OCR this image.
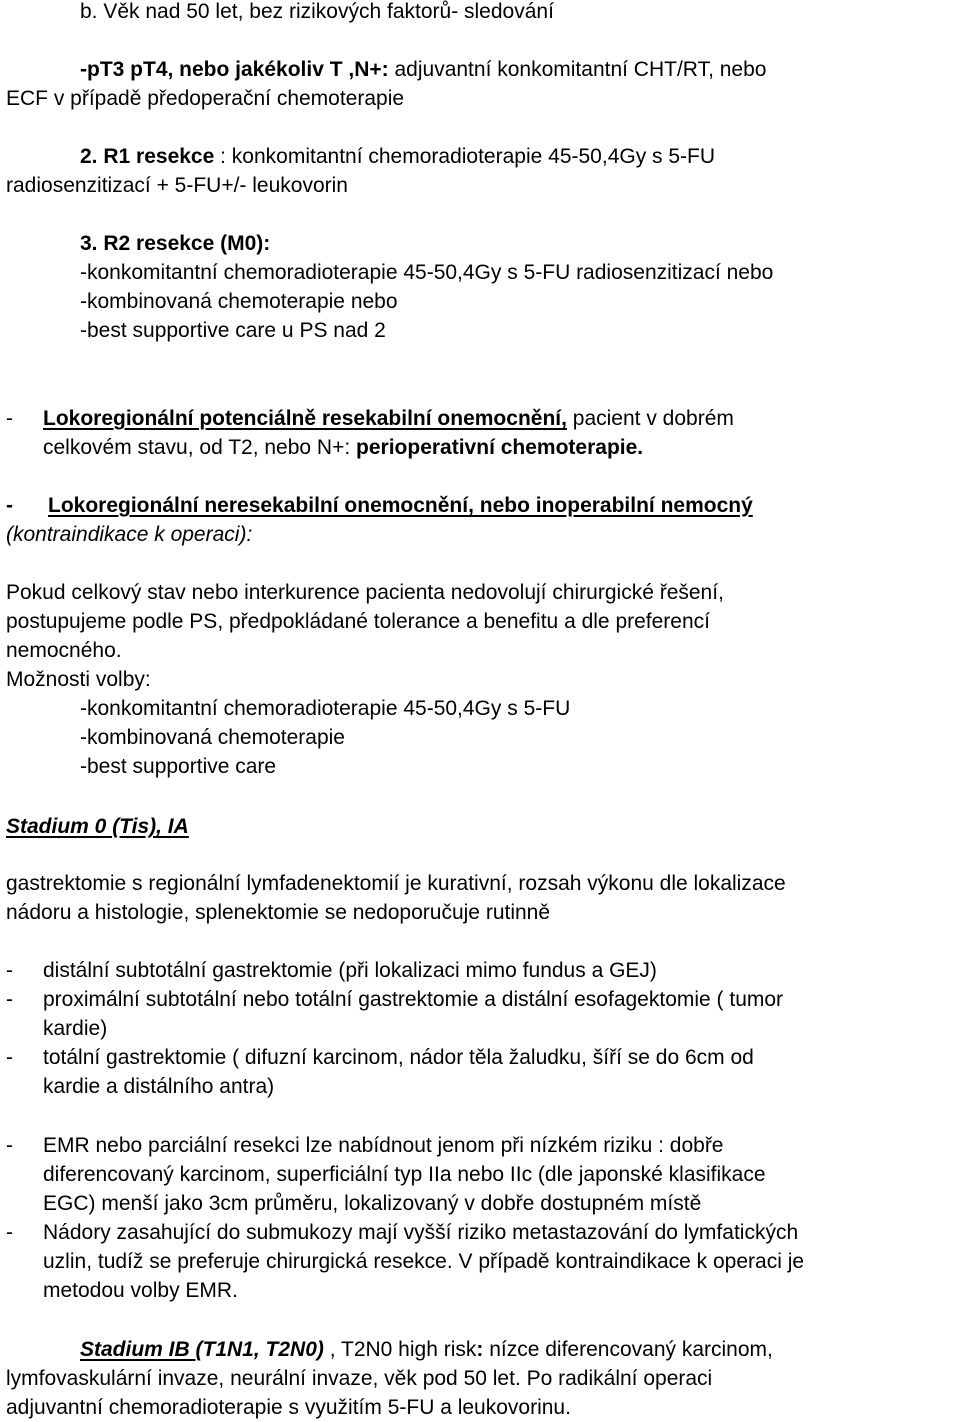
b. Věk nad 50 let, bez rizikových faktorů- sledování
-pT3 pT4, nebo jakékoliv T ,N+: adjuvantní konkomitantní CHT/RT, nebo
ECF v případě předoperační chemoterapie
2. R1 resekce : konkomitantní chemoradioterapie 45-50,4Gy s 5-FU
radiosenzitizací + 5-FU+/- leukovorin
3. R2 resekce (M0):
-konkomitantní chemoradioterapie 45-50,4Gy s 5-FU radiosenzitizací nebo
-kombinovaná chemoterapie nebo
-best supportive care u PS nad 2
- Lokoregionální potenciálně resekabilní onemocnění, pacient v dobrém
celkovém stavu, od T2, nebo N+: perioperativní chemoterapie.
- Lokoregionální neresekabilní onemocnění, nebo inoperabilní nemocný
(kontraindikace k operaci):
Pokud celkový stav nebo interkurence pacienta nedovolují chirurgické řešení,
postupujeme podle PS, předpokládané tolerance a benefitu a dle preferencí
nemocného.
Možnosti volby:
-konkomitantní chemoradioterapie 45-50,4Gy s 5-FU
-kombinovaná chemoterapie
-best supportive care
Stadium 0 (Tis), IA
gastrektomie s regionální lymfadenektomií je kurativní, rozsah výkonu dle lokalizace
nádoru a histologie, splenektomie se nedoporučuje rutinně
- distální subtotální gastrektomie (při lokalizaci mimo fundus a GEJ)
- proximální subtotální nebo totální gastrektomie a distální esofagektomie ( tumor
kardie)
- totální gastrektomie ( difuzní karcinom, nádor těla žaludku, šíří se do 6cm od
kardie a distálního antra)
- EMR nebo parciální resekci lze nabídnout jenom při nízkém riziku : dobře
diferencovaný karcinom, superficiální typ IIa nebo IIc (dle japonské klasifikace
EGC) menší jako 3cm průměru, lokalizovaný v dobře dostupném místě
- Nádory zasahující do submukozy mají vyšší riziko metastazování do lymfatických
uzlin, tudíž se preferuje chirurgická resekce. V případě kontraindikace k operaci je
metodou volby EMR.
Stadium IB (T1N1, T2N0) , T2N0 high risk: nízce diferencovaný karcinom,
lymfovaskulární invaze, neurální invaze, věk pod 50 let. Po radikální operaci
adjuvantní chemoradioterapie s využitím 5-FU a leukovorinu.
